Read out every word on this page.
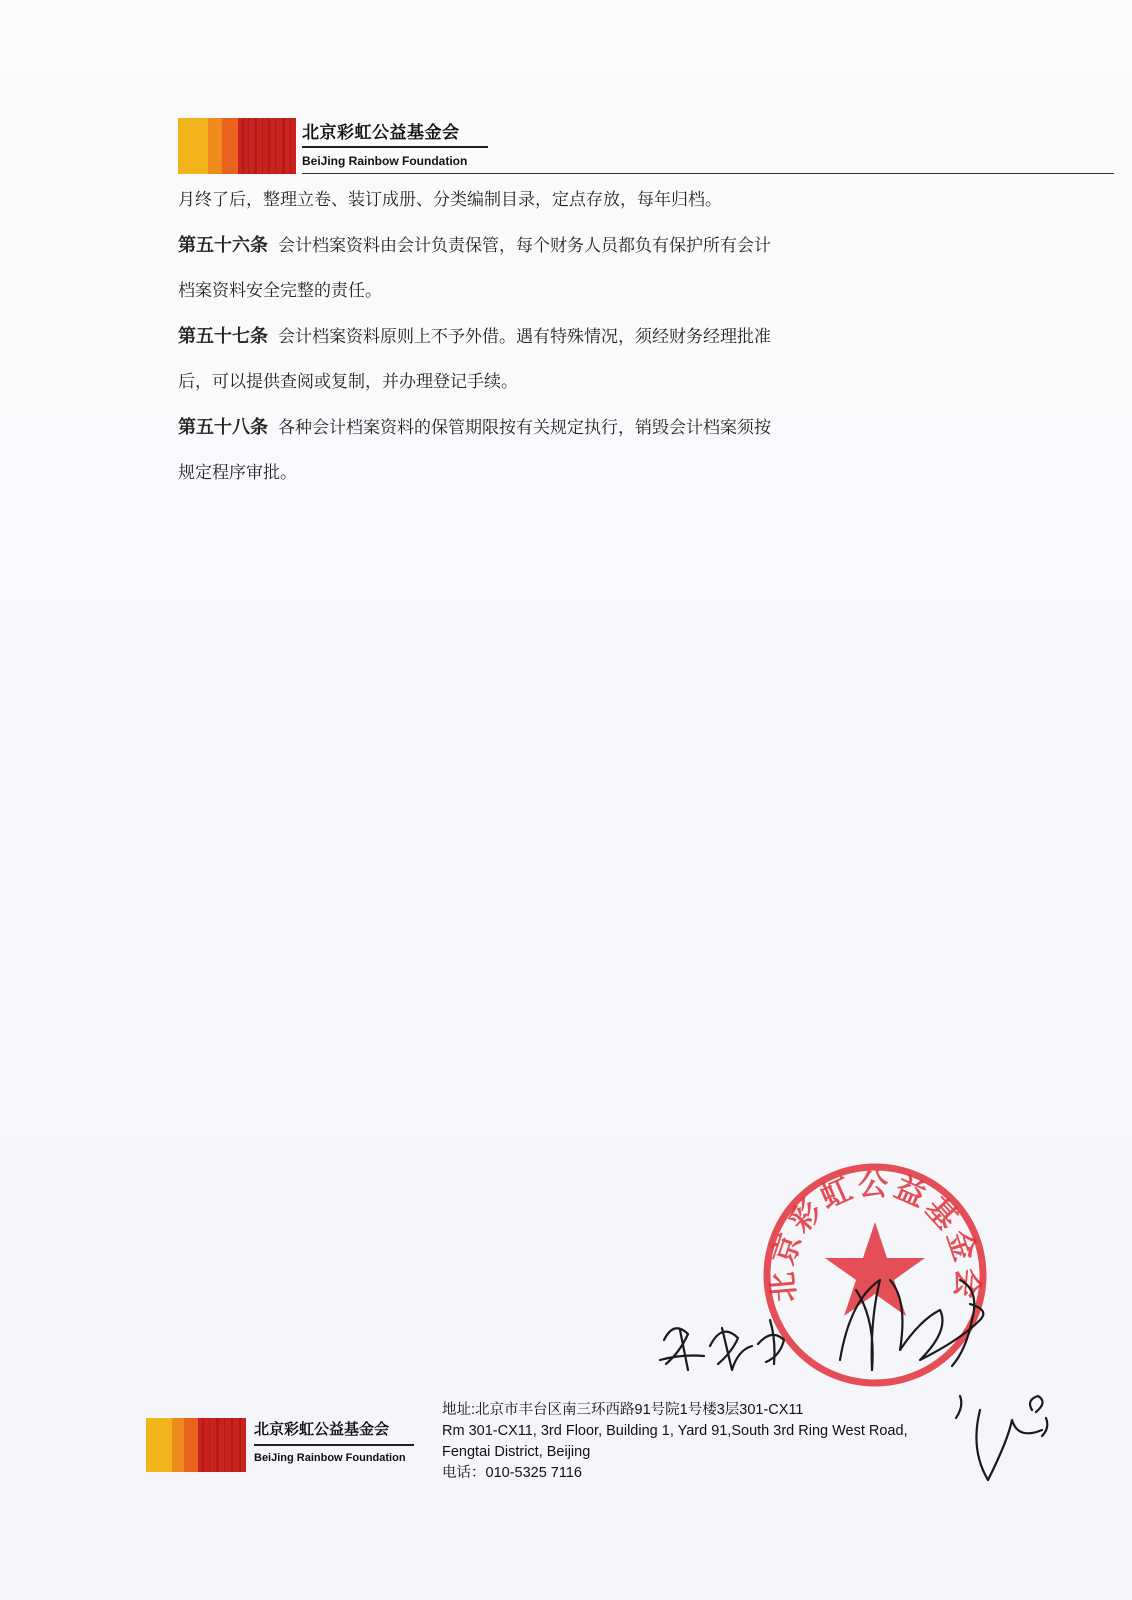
北京彩虹公益基金会
BeiJing Rainbow Foundation

月终了后，整理立卷、装订成册、分类编制目录，定点存放，每年归档。

第五十六条 会计档案资料由会计负责保管，每个财务人员都负有保护所有会计

档案资料安全完整的责任。

第五十七条 会计档案资料原则上不予外借。遇有特殊情况，须经财务经理批准

后，可以提供查阅或复制，并办理登记手续。

第五十八条 各种会计档案资料的保管期限按有关规定执行，销毁会计档案须按

规定程序审批。

北京彩虹公益基金会
北京彩虹公益基金会
BeiJing Rainbow Foundation
地址:北京市丰台区南三环西路91号院1号楼3层301-CX11
Rm 301-CX11, 3rd Floor, Building 1, Yard 91,South 3rd Ring West Road,
Fengtai District, Beijing
电话：010-5325 7116
